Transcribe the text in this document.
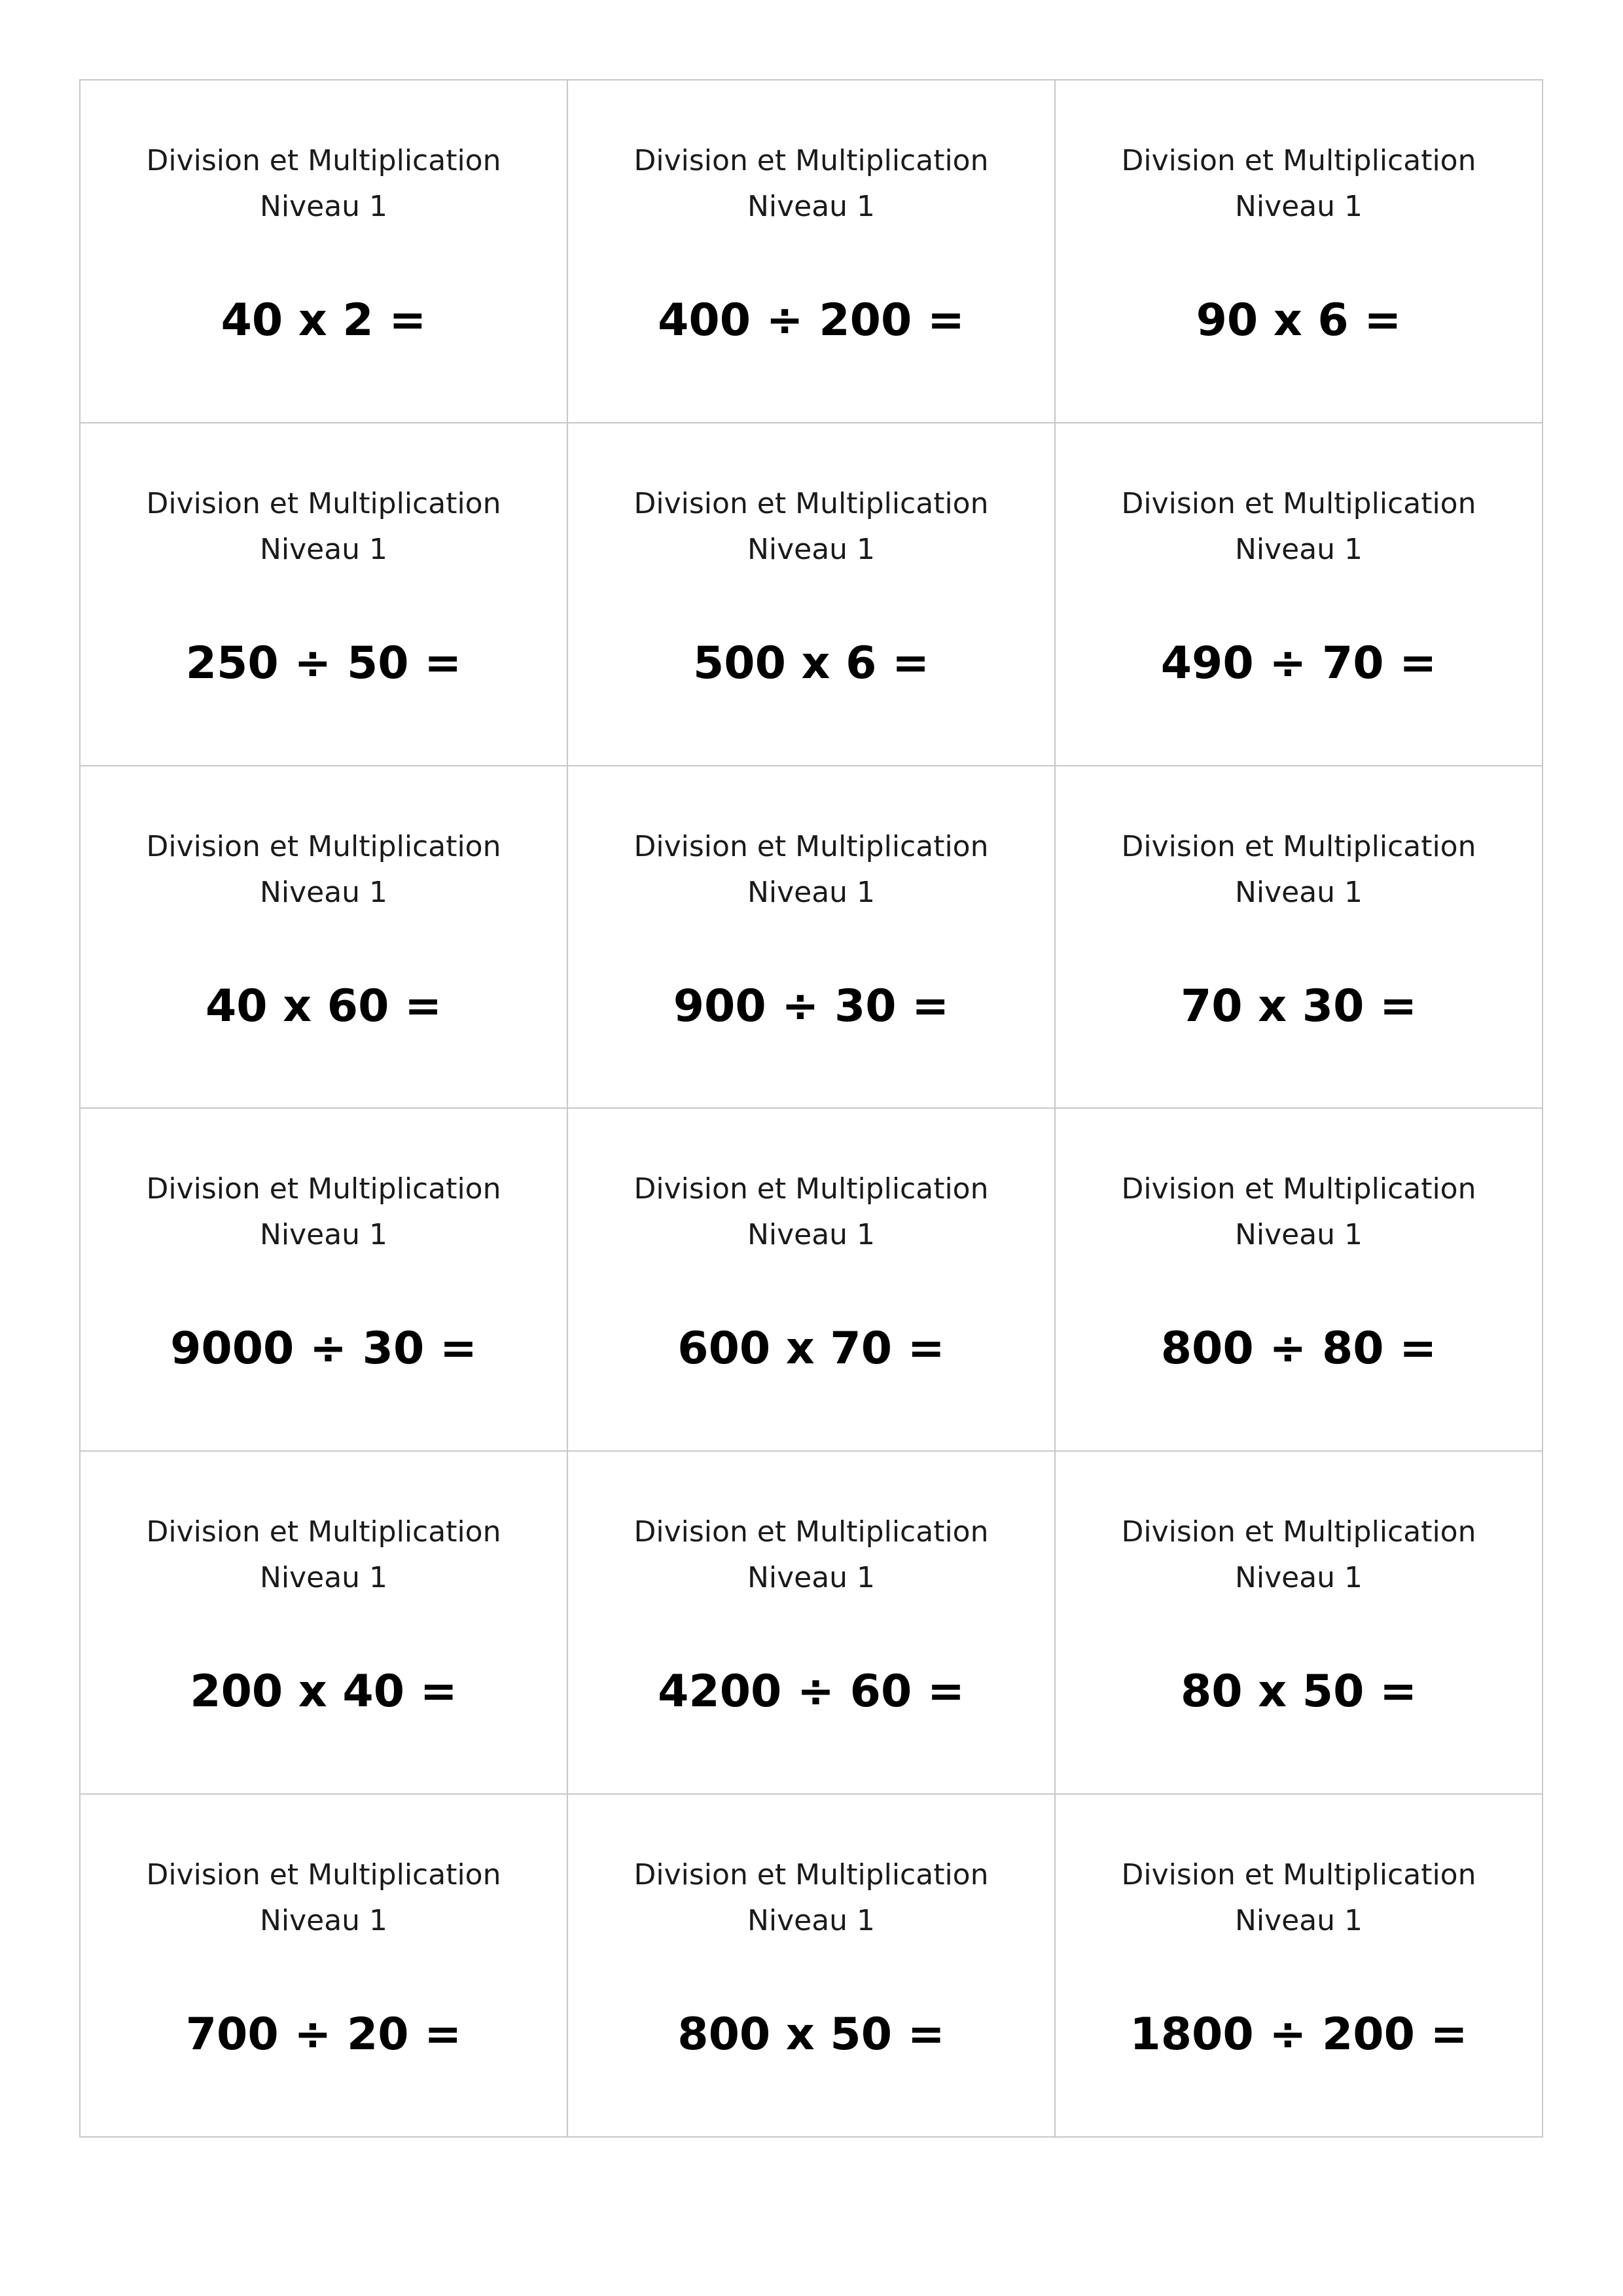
Division et Multiplication
Niveau 1
40 x 2 =
Division et Multiplication
Niveau 1
400 ÷ 200 =
Division et Multiplication
Niveau 1
90 x 6 =
Division et Multiplication
Niveau 1
250 ÷ 50 =
Division et Multiplication
Niveau 1
500 x 6 =
Division et Multiplication
Niveau 1
490 ÷ 70 =
Division et Multiplication
Niveau 1
40 x 60 =
Division et Multiplication
Niveau 1
900 ÷ 30 =
Division et Multiplication
Niveau 1
70 x 30 =
Division et Multiplication
Niveau 1
9000 ÷ 30 =
Division et Multiplication
Niveau 1
600 x 70 =
Division et Multiplication
Niveau 1
800 ÷ 80 =
Division et Multiplication
Niveau 1
200 x 40 =
Division et Multiplication
Niveau 1
4200 ÷ 60 =
Division et Multiplication
Niveau 1
80 x 50 =
Division et Multiplication
Niveau 1
700 ÷ 20 =
Division et Multiplication
Niveau 1
800 x 50 =
Division et Multiplication
Niveau 1
1800 ÷ 200 =
